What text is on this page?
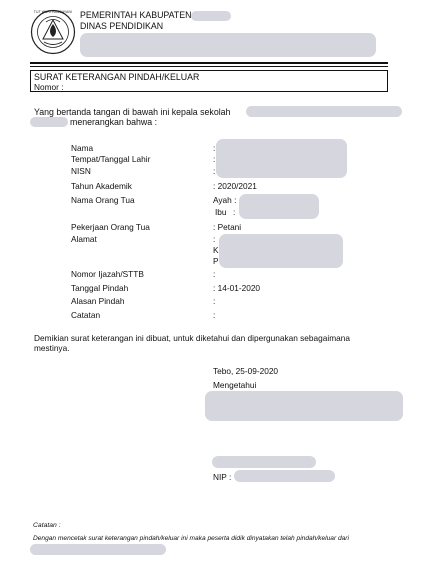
TUT WURI HANDAYANI PEMERINTAH KABUPATEN
DINAS PENDIDIKAN
SURAT KETERANGAN PINDAH/KELUAR
Nomor :
Yang bertanda tangan di bawah ini kepala sekolah
menerangkan bahwa :
Nama	:
Tempat/Tanggal Lahir	:
NISN	:
Tahun Akademik	: 2020/2021
Nama Orang Tua	Ayah :
Ibu :
Pekerjaan Orang Tua	: Petani
Alamat	:
K
P
Nomor Ijazah/STTB	:
Tanggal Pindah	: 14-01-2020
Alasan Pindah	:
Catatan	:
Demikian surat keterangan ini dibuat, untuk diketahui dan dipergunakan sebagaimana
mestinya.
Tebo, 25-09-2020
Mengetahui
NIP :
Catatan :
Dengan mencetak surat keterangan pindah/keluar ini maka peserta didik dinyatakan telah pindah/keluar dari
